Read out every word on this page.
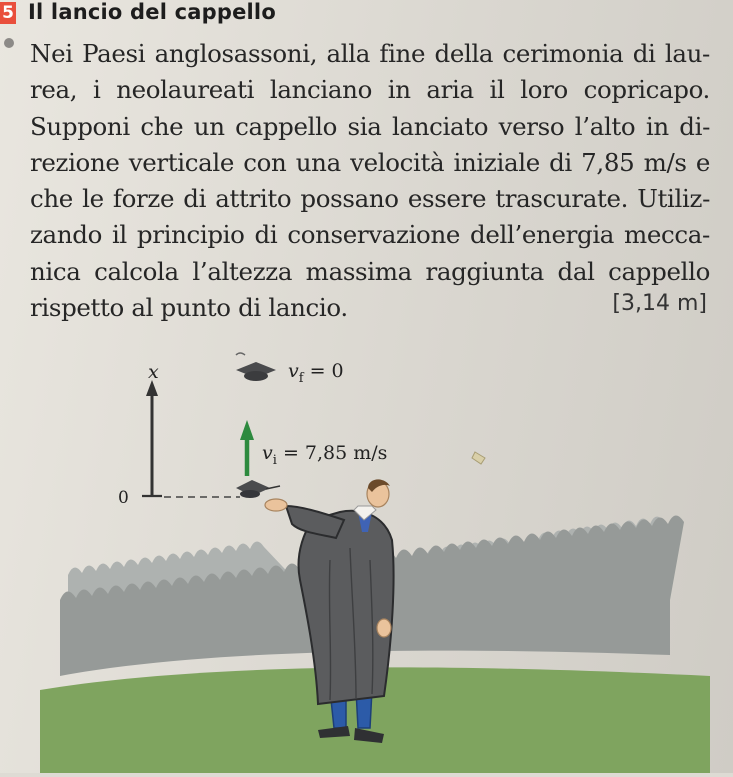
5 Il lancio del cappello
Nei Paesi anglosassoni, alla fine della cerimonia di lau-
rea, i neolaureati lanciano in aria il loro copricapo.
Supponi che un cappello sia lanciato verso l’alto in di-
rezione verticale con una velocità iniziale di 7,85 m/s e
che le forze di attrito possano essere trascurate. Utiliz-
zando il principio di conservazione dell’energia mecca-
nica calcola l’altezza massima raggiunta dal cappello
rispetto al punto di lancio.	[3,14 m]
x
0
$v_f = 0$
$v_i = 7,85$ m/s
